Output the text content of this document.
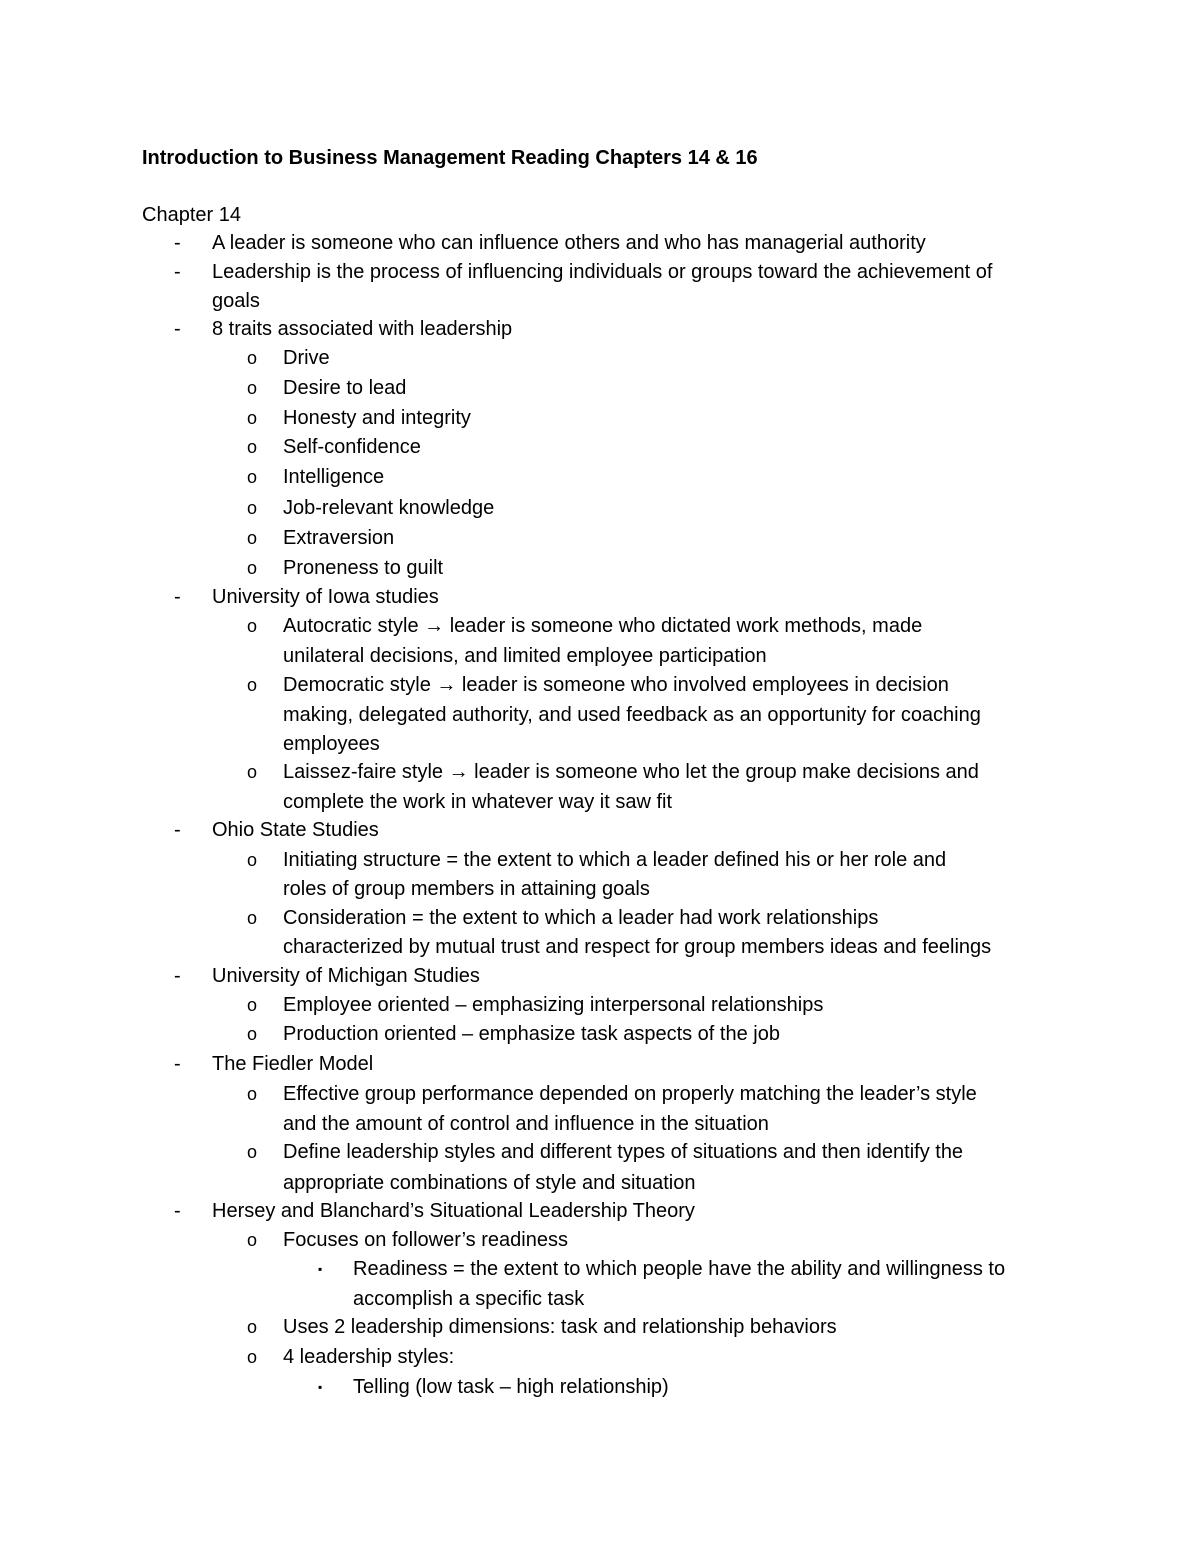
Introduction to Business Management Reading Chapters 14 & 16
Chapter 14
- A leader is someone who can influence others and who has managerial authority
- Leadership is the process of influencing individuals or groups toward the achievement of
goals
- 8 traits associated with leadership
o Drive
o Desire to lead
o Honesty and integrity
o Self-confidence
o Intelligence
o Job-relevant knowledge
o Extraversion
o Proneness to guilt
- University of Iowa studies
o Autocratic style → leader is someone who dictated work methods, made
unilateral decisions, and limited employee participation
o Democratic style → leader is someone who involved employees in decision
making, delegated authority, and used feedback as an opportunity for coaching
employees
o Laissez-faire style → leader is someone who let the group make decisions and
complete the work in whatever way it saw fit
- Ohio State Studies
o Initiating structure = the extent to which a leader defined his or her role and
roles of group members in attaining goals
o Consideration = the extent to which a leader had work relationships
characterized by mutual trust and respect for group members ideas and feelings
- University of Michigan Studies
o Employee oriented – emphasizing interpersonal relationships
o Production oriented – emphasize task aspects of the job
- The Fiedler Model
o Effective group performance depended on properly matching the leader’s style
and the amount of control and influence in the situation
o Define leadership styles and different types of situations and then identify the
appropriate combinations of style and situation
- Hersey and Blanchard’s Situational Leadership Theory
o Focuses on follower’s readiness
▪ Readiness = the extent to which people have the ability and willingness to
accomplish a specific task
o Uses 2 leadership dimensions: task and relationship behaviors
o 4 leadership styles:
▪ Telling (low task – high relationship)
